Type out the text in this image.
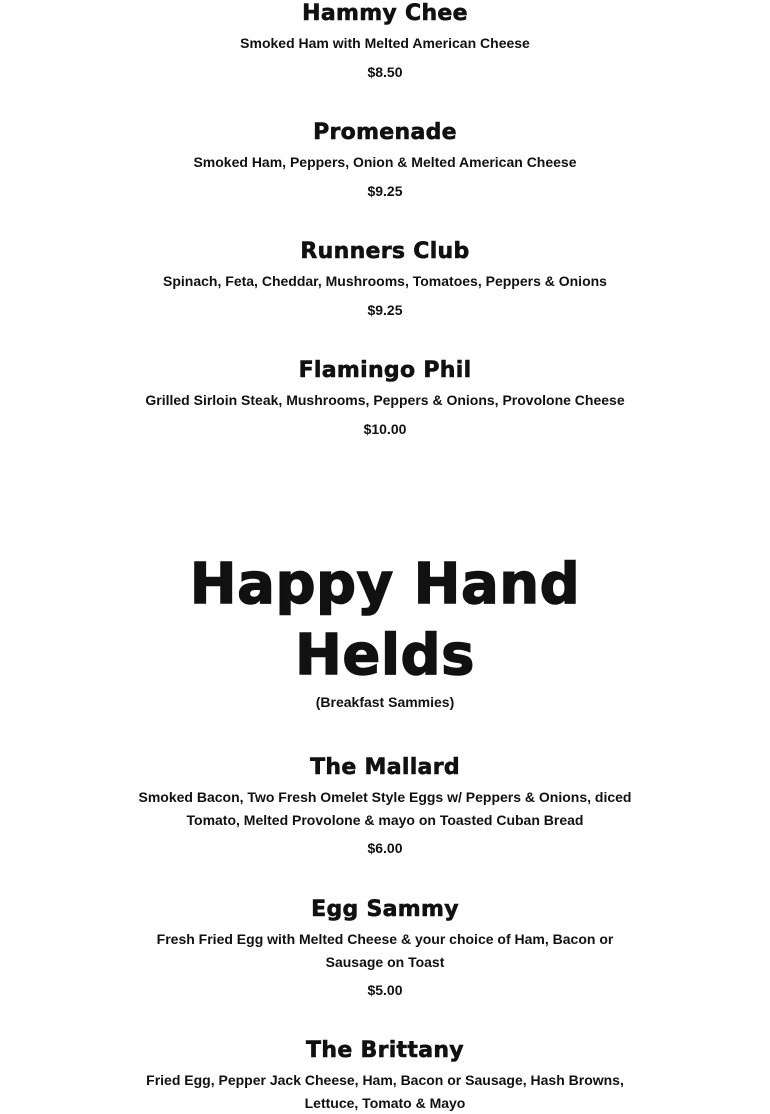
Hammy Chee

Smoked Ham with Melted American Cheese

$8.50

Promenade

Smoked Ham, Peppers, Onion & Melted American Cheese

$9.25

Runners Club

Spinach, Feta, Cheddar, Mushrooms, Tomatoes, Peppers & Onions

$9.25

Flamingo Phil

Grilled Sirloin Steak, Mushrooms, Peppers & Onions, Provolone Cheese

$10.00

Happy Hand
Helds

(Breakfast Sammies)

The Mallard

Smoked Bacon, Two Fresh Omelet Style Eggs w/ Peppers & Onions, diced Tomato, Melted Provolone & mayo on Toasted Cuban Bread

$6.00

Egg Sammy

Fresh Fried Egg with Melted Cheese & your choice of Ham, Bacon or Sausage on Toast

$5.00

The Brittany

Fried Egg, Pepper Jack Cheese, Ham, Bacon or Sausage, Hash Browns, Lettuce, Tomato & Mayo
